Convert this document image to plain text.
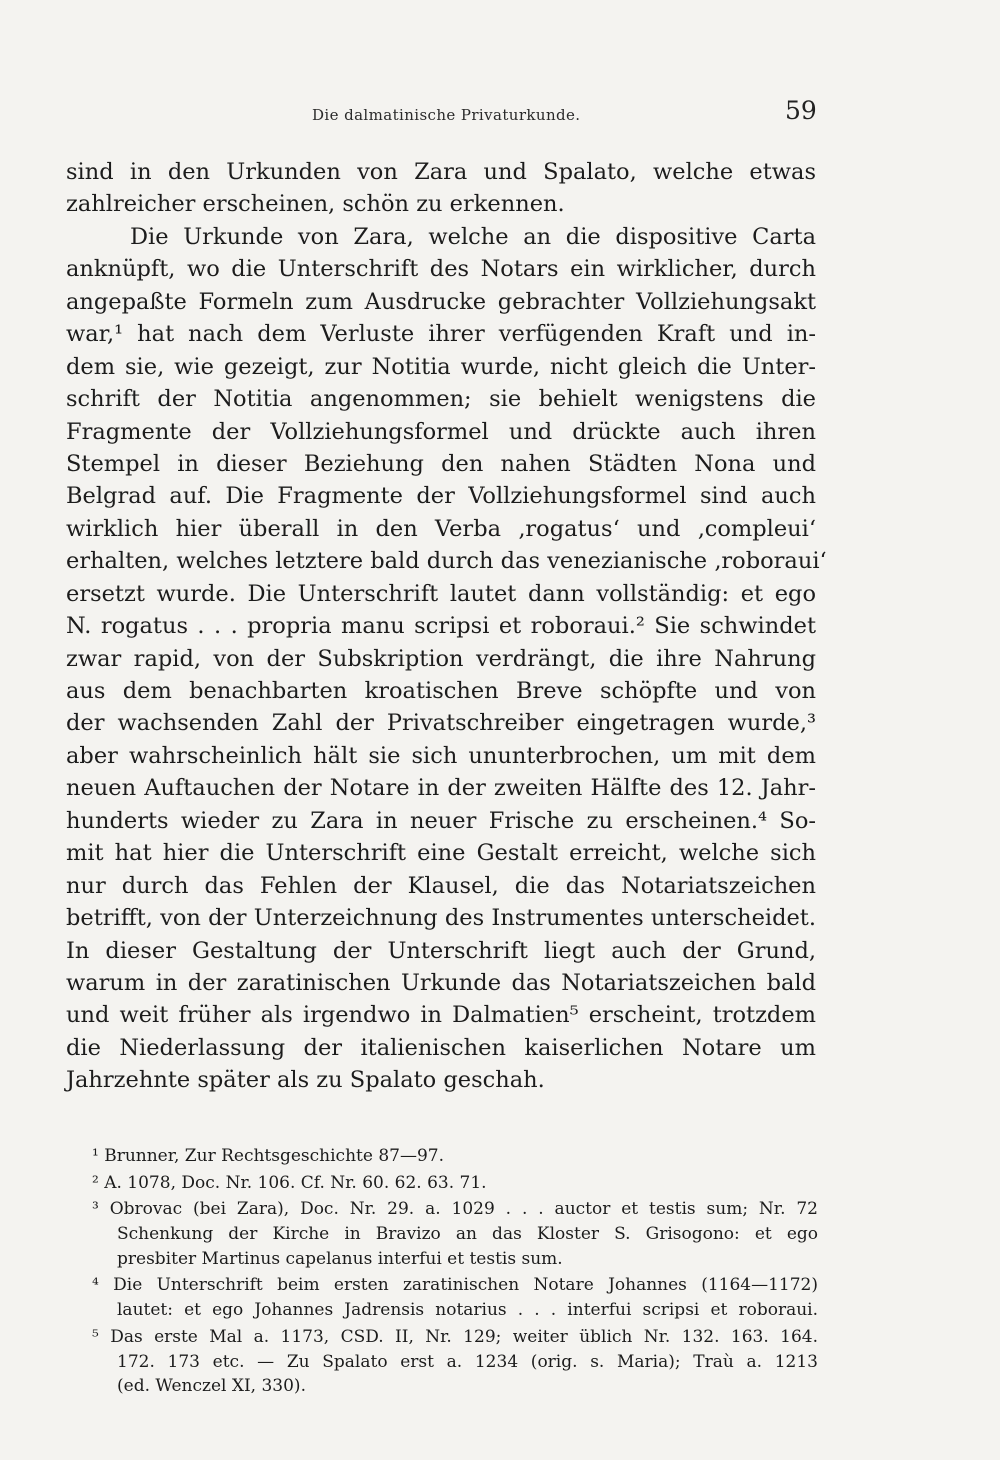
Die dalmatinische Privaturkunde.	59
sind in den Urkunden von Zara und Spalato, welche etwas
zahlreicher erscheinen, schön zu erkennen.
Die Urkunde von Zara, welche an die dispositive Carta
anknüpft, wo die Unterschrift des Notars ein wirklicher, durch
angepaßte Formeln zum Ausdrucke gebrachter Vollziehungsakt
war,¹ hat nach dem Verluste ihrer verfügenden Kraft und in-
dem sie, wie gezeigt, zur Notitia wurde, nicht gleich die Unter-
schrift der Notitia angenommen; sie behielt wenigstens die
Fragmente der Vollziehungsformel und drückte auch ihren
Stempel in dieser Beziehung den nahen Städten Nona und
Belgrad auf. Die Fragmente der Vollziehungsformel sind auch
wirklich hier überall in den Verba ‚rogatus‘ und ‚compleui‘
erhalten, welches letztere bald durch das venezianische ‚roboraui‘
ersetzt wurde. Die Unterschrift lautet dann vollständig: et ego
N. rogatus . . . propria manu scripsi et roboraui.² Sie schwindet
zwar rapid, von der Subskription verdrängt, die ihre Nahrung
aus dem benachbarten kroatischen Breve schöpfte und von
der wachsenden Zahl der Privatschreiber eingetragen wurde,³
aber wahrscheinlich hält sie sich ununterbrochen, um mit dem
neuen Auftauchen der Notare in der zweiten Hälfte des 12. Jahr-
hunderts wieder zu Zara in neuer Frische zu erscheinen.⁴ So-
mit hat hier die Unterschrift eine Gestalt erreicht, welche sich
nur durch das Fehlen der Klausel, die das Notariatszeichen
betrifft, von der Unterzeichnung des Instrumentes unterscheidet.
In dieser Gestaltung der Unterschrift liegt auch der Grund,
warum in der zaratinischen Urkunde das Notariatszeichen bald
und weit früher als irgendwo in Dalmatien⁵ erscheint, trotzdem
die Niederlassung der italienischen kaiserlichen Notare um
Jahrzehnte später als zu Spalato geschah.
¹ Brunner, Zur Rechtsgeschichte 87—97.
² A. 1078, Doc. Nr. 106. Cf. Nr. 60. 62. 63. 71.
³ Obrovac (bei Zara), Doc. Nr. 29. a. 1029 . . . auctor et testis sum; Nr. 72
Schenkung der Kirche in Bravizo an das Kloster S. Grisogono: et ego
presbiter Martinus capelanus interfui et testis sum.
⁴ Die Unterschrift beim ersten zaratinischen Notare Johannes (1164—1172)
lautet: et ego Johannes Jadrensis notarius . . . interfui scripsi et roboraui.
⁵ Das erste Mal a. 1173, CSD. II, Nr. 129; weiter üblich Nr. 132. 163. 164.
172. 173 etc. — Zu Spalato erst a. 1234 (orig. s. Maria); Traù a. 1213
(ed. Wenczel XI, 330).
